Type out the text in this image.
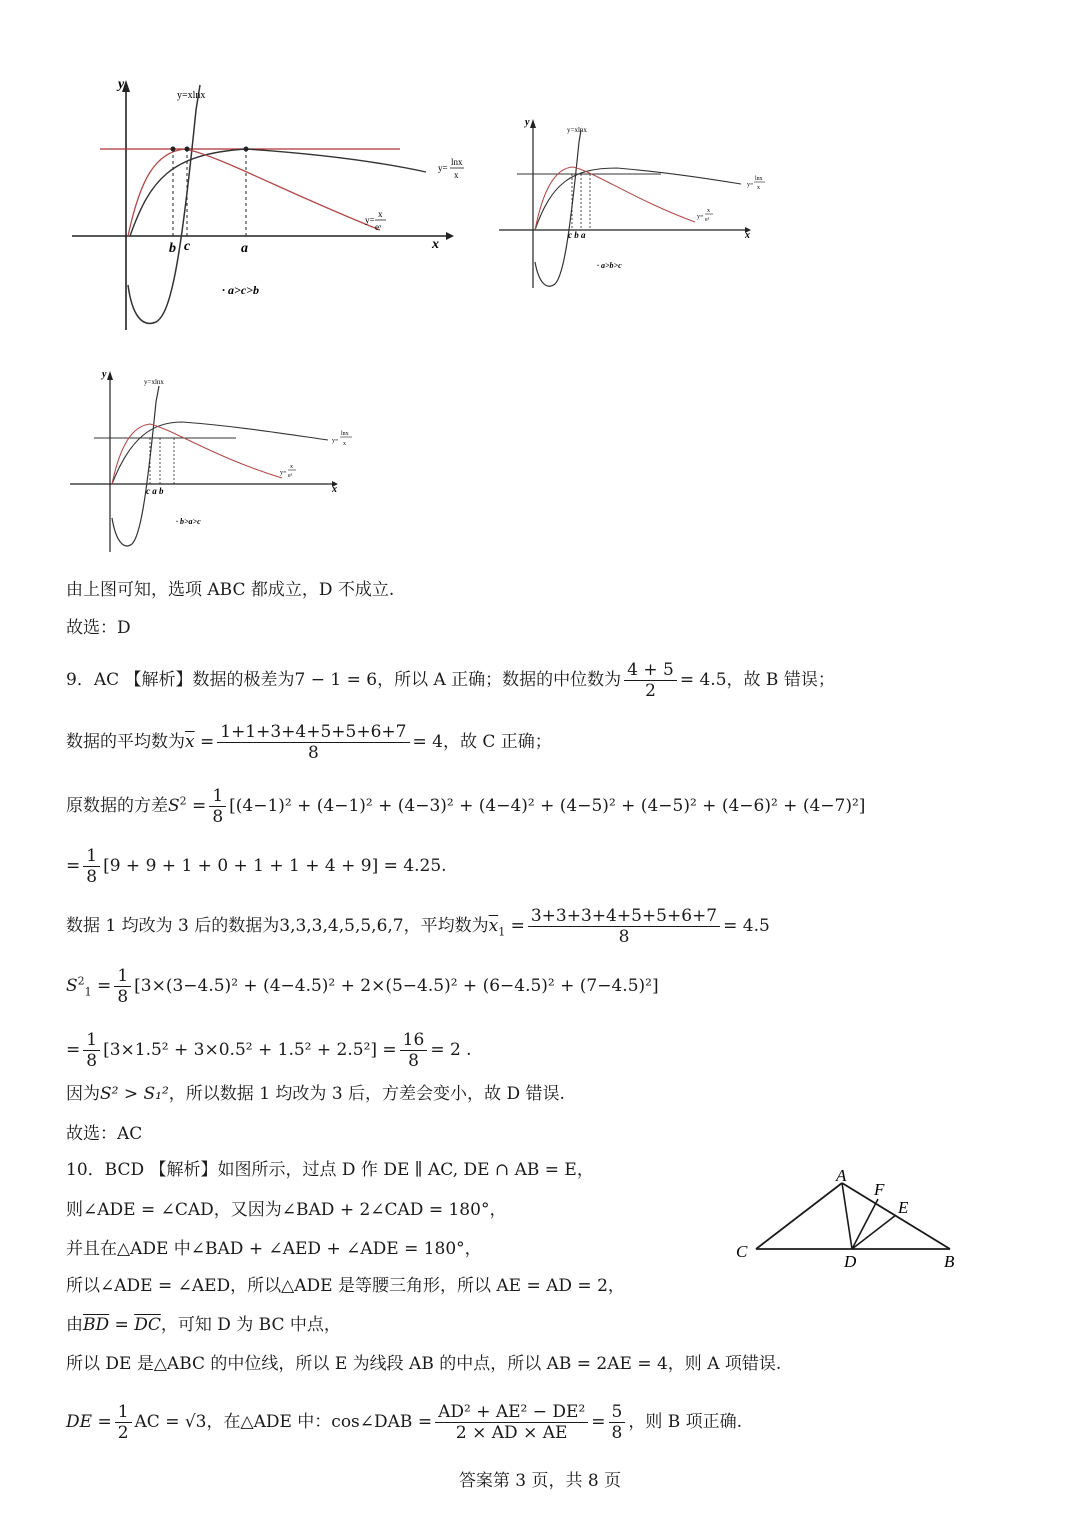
y
x
y=xlnx
y=
lnx
x
y=
x
eˣ
b c	a
· a>c>b
y
x
y=xlnx
y=
lnx
x
y=
x
eˣ
c b a
· a>b>c
y
x
y=xlnx
y=
lnx
x
y=
x
eˣ
c a b
· b>a>c
由上图可知，选项 ABC 都成立，D 不成立.
故选：D
9．AC 【解析】数据的极差为7 − 1 = 6，所以 A 正确；数据的中位数为 $\frac{4 + 5}{2} = 4.5$，故 B 错误；
数据的平均数为$\overline{x} = \frac{1+1+3+4+5+5+6+7}{8} = 4$，故 C 正确；
原数据的方差$S^2 = \frac{1}{8} [(4-1)^2 + (4-1)^2 + (4-3)^2 + (4-4)^2 + (4-5)^2 + (4-5)^2 + (4-6)^2 + (4-7)^2]$
= $\frac{1}{8} [9 + 9 + 1 + 0 + 1 + 1 + 4 + 9] = 4.25$.
数据 1 均改为 3 后的数据为3,3,3,4,5,5,6,7，平均数为$\overline{x}_1 = \frac{3+3+3+4+5+5+6+7}{8} = 4.5$
$S^2_1 = \frac{1}{8} [3\times(3-4.5)^2 + (4-4.5)^2 + 2\times(5-4.5)^2 + (6-4.5)^2 + (7-4.5)^2]$
= $\frac{1}{8} [3\times 1.5^2 + 3\times 0.5^2 + 1.5^2 + 2.5^2] = \frac{16}{8} = 2$ .
因为S² > S₁²，所以数据 1 均改为 3 后，方差会变小，故 D 错误.
故选：AC
10．BCD 【解析】如图所示，过点 D 作 DE ∥ AC, DE ∩ AB = E，
则∠ADE = ∠CAD，又因为∠BAD + 2∠CAD = 180°，
并且在△ADE 中∠BAD + ∠AED + ∠ADE = 180°，
所以∠ADE = ∠AED，所以△ADE 是等腰三角形，所以 AE = AD = 2，
由$\overline{BD} = \overline{DC}$，可知 D 为 BC 中点，
所以 DE 是△ABC 的中位线，所以 E 为线段 AB 的中点，所以 AB = 2AE = 4，则 A 项错误.
DE = $\frac{1}{2}$ AC = √3，在△ADE 中：cos∠DAB = $\frac{\text{AD² + AE² − DE²}}{2 \times AD \times AE} = \frac{5}{8}$ ，则 B 项正确.
A
F
E
C
D	B
答案第 3 页，共 8 页
